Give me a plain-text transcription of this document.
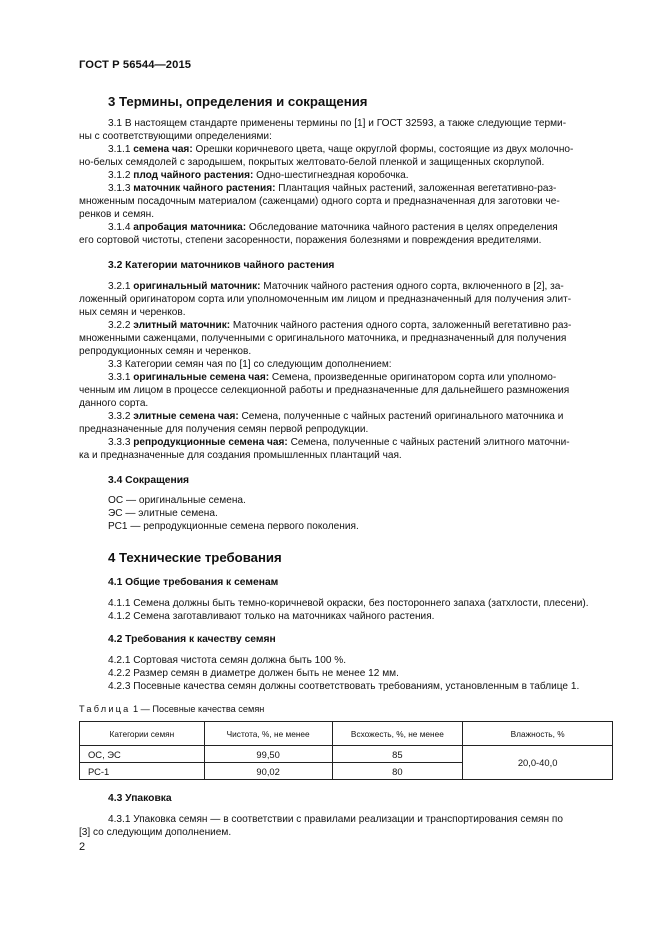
ГОСТ Р 56544—2015
3 Термины, определения и сокращения
3.1 В настоящем стандарте применены термины по [1] и ГОСТ 32593, а также следующие терми-
ны с соответствующими определениями:
3.1.1 семена чая: Орешки коричневого цвета, чаще округлой формы, состоящие из двух молочно-
но-белых семядолей с зародышем, покрытых желтовато-белой пленкой и защищенных скорлупой.
3.1.2 плод чайного растения: Одно-шестигнездная коробочка.
3.1.3 маточник чайного растения: Плантация чайных растений, заложенная вегетативно-раз-
множенным посадочным материалом (саженцами) одного сорта и предназначенная для заготовки че-
ренков и семян.
3.1.4 апробация маточника: Обследование маточника чайного растения в целях определения
его сортовой чистоты, степени засоренности, поражения болезнями и повреждения вредителями.
3.2 Категории маточников чайного растения
3.2.1 оригинальный маточник: Маточник чайного растения одного сорта, включенного в [2], за-
ложенный оригинатором сорта или уполномоченным им лицом и предназначенный для получения элит-
ных семян и черенков.
3.2.2 элитный маточник: Маточник чайного растения одного сорта, заложенный вегетативно раз-
множенными саженцами, полученными с оригинального маточника, и предназначенный для получения
репродукционных семян и черенков.
3.3 Категории семян чая по [1] со следующим дополнением:
3.3.1 оригинальные семена чая: Семена, произведенные оригинатором сорта или уполномо-
ченным им лицом в процессе селекционной работы и предназначенные для дальнейшего размножения
данного сорта.
3.3.2 элитные семена чая: Семена, полученные с чайных растений оригинального маточника и
предназначенные для получения семян первой репродукции.
3.3.3 репродукционные семена чая: Семена, полученные с чайных растений элитного маточни-
ка и предназначенные для создания промышленных плантаций чая.
3.4 Сокращения
ОС — оригинальные семена.
ЭС — элитные семена.
РС1 — репродукционные семена первого поколения.
4 Технические требования
4.1 Общие требования к семенам
4.1.1 Семена должны быть темно-коричневой окраски, без постороннего запаха (затхлости, плесени).
4.1.2 Семена заготавливают только на маточниках чайного растения.
4.2 Требования к качеству семян
4.2.1 Сортовая чистота семян должна быть 100 %.
4.2.2 Размер семян в диаметре должен быть не менее 12 мм.
4.2.3 Посевные качества семян должны соответствовать требованиям, установленным в таблице 1.
Таблица 1 — Посевные качества семян
Категории семян	Чистота, %, не менее	Всхожесть, %, не менее	Влажность, %
ОС, ЭС	99,50	85	20,0-40,0
РС-1	90,02	80	
4.3 Упаковка
4.3.1 Упаковка семян — в соответствии с правилами реализации и транспортирования семян по
[3] со следующим дополнением.
2
